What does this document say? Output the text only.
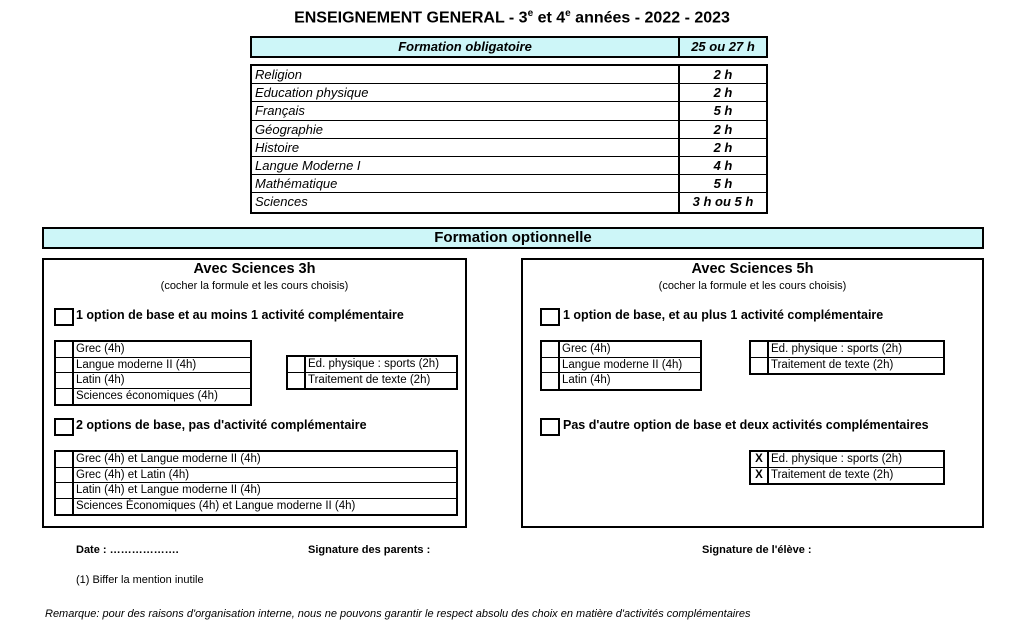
ENSEIGNEMENT GENERAL - 3e et 4e années - 2022 - 2023
Formation obligatoire	25 ou 27 h
Religion	2 h
Education physique	2 h
Français	5 h
Géographie	2 h
Histoire	2 h
Langue Moderne I	4 h
Mathématique	5 h
Sciences	3 h ou 5 h
Formation optionnelle
Avec Sciences 3h
(cocher la formule et les cours choisis)
1 option de base et au moins 1 activité complémentaire
Grec (4h)
Langue moderne II (4h)
Latin (4h)
Sciences économiques (4h)
Ed. physique : sports (2h)
Traitement de texte (2h)
2 options de base, pas d'activité complémentaire
Grec (4h) et Langue moderne II (4h)
Grec (4h) et Latin (4h)
Latin (4h) et Langue moderne II (4h)
Sciences Économiques (4h) et Langue moderne II (4h)
Avec Sciences 5h
(cocher la formule et les cours choisis)
1 option de base, et au plus 1 activité complémentaire
Grec (4h)
Langue moderne II (4h)
Latin (4h)
Ed. physique : sports (2h)
Traitement de texte (2h)
Pas d'autre option de base et deux activités complémentaires
X Ed. physique : sports (2h)
X Traitement de texte (2h)
Date : ……………….	Signature des parents :	Signature de l'élève :
(1) Biffer la mention inutile
Remarque: pour des raisons d'organisation interne, nous ne pouvons garantir le respect absolu des choix en matière d'activités complémentaires
